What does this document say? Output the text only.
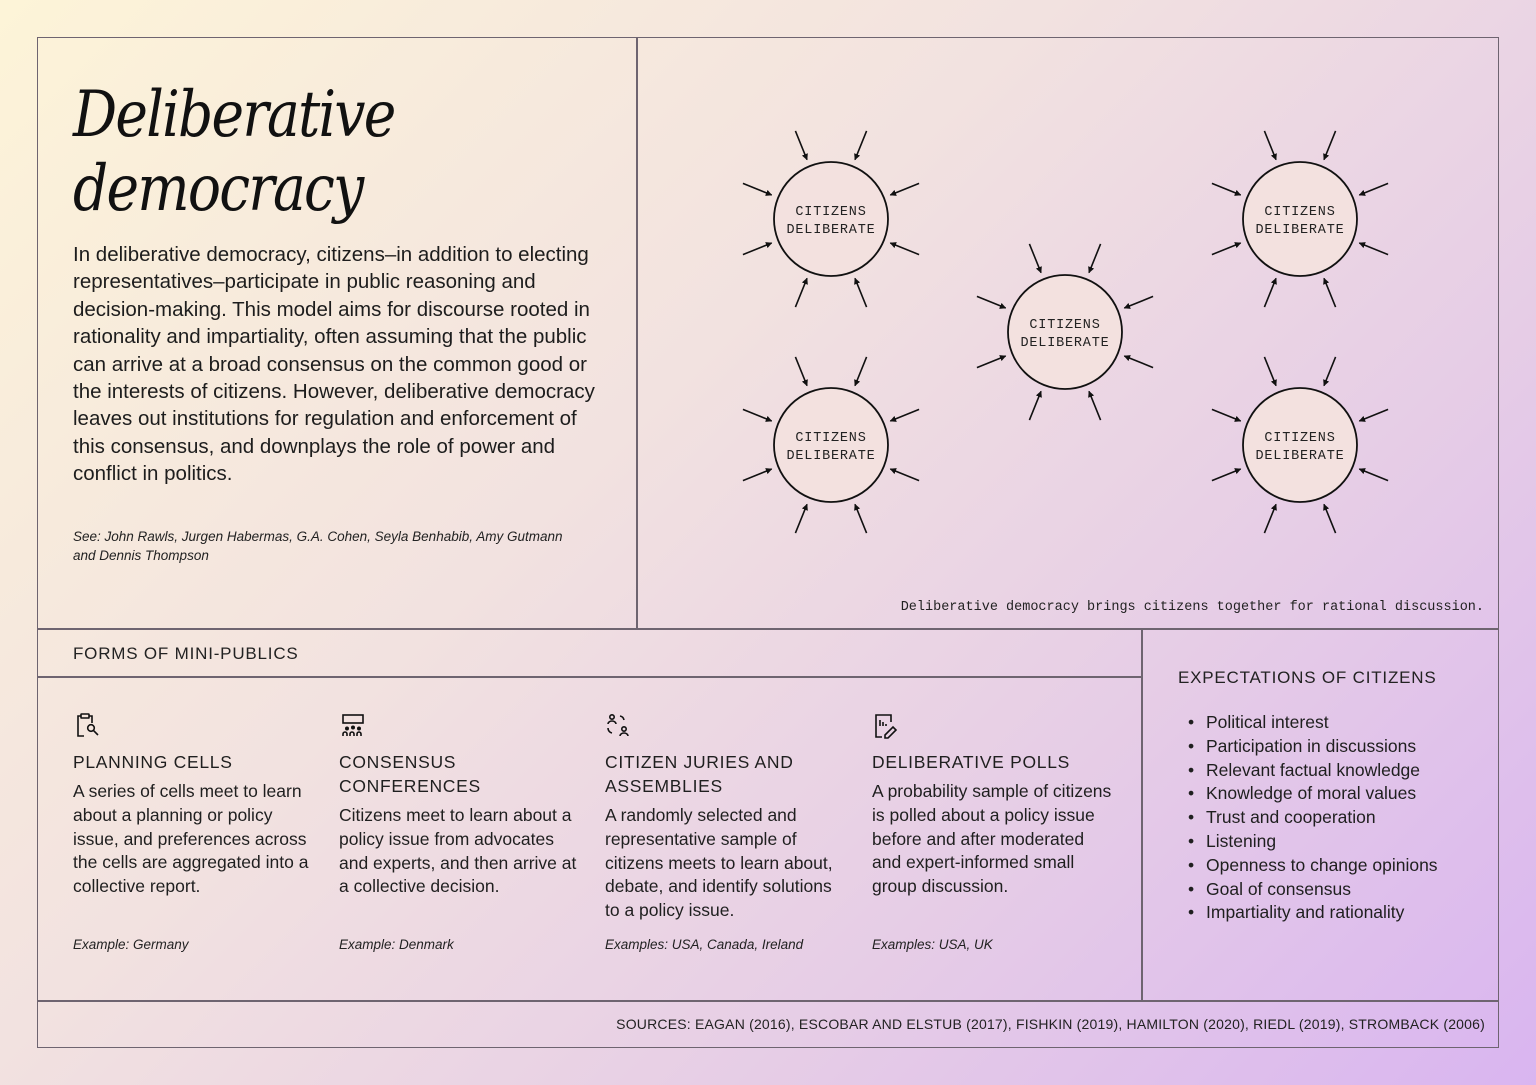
Deliberative
democracy

In deliberative democracy, citizens–in addition to electing representatives–participate in public reasoning and decision-making. This model aims for discourse rooted in rationality and impartiality, often assuming that the public can arrive at a broad consensus on the common good or the interests of citizens. However, deliberative democracy leaves out institutions for regulation and enforcement of this consensus, and downplays the role of power and conflict in politics.

See: John Rawls, Jurgen Habermas, G.A. Cohen, Seyla Benhabib, Amy Gutmann and Dennis Thompson

CITIZENS
DELIBERATE
CITIZENS
DELIBERATE
CITIZENS
DELIBERATE
CITIZENS
DELIBERATE
CITIZENS
DELIBERATE

Deliberative democracy brings citizens together for rational discussion.

FORMS OF MINI-PUBLICS

PLANNING CELLS

A series of cells meet to learn about a planning or policy issue, and preferences across the cells are aggregated into a collective report.

Example: Germany

CONSENSUS CONFERENCES

Citizens meet to learn about a policy issue from advocates and experts, and then arrive at a collective decision.

Example: Denmark

CITIZEN JURIES AND ASSEMBLIES

A randomly selected and representative sample of citizens meets to learn about, debate, and identify solutions to a policy issue.

Examples: USA, Canada, Ireland

DELIBERATIVE POLLS

A probability sample of citizens is polled about a policy issue before and after moderated and expert-informed small group discussion.

Examples: USA, UK

EXPECTATIONS OF CITIZENS

• Political interest
• Participation in discussions
• Relevant factual knowledge
• Knowledge of moral values
• Trust and cooperation
• Listening
• Openness to change opinions
• Goal of consensus
• Impartiality and rationality

SOURCES: EAGAN (2016), ESCOBAR AND ELSTUB (2017), FISHKIN (2019), HAMILTON (2020), RIEDL (2019), STROMBACK (2006)
